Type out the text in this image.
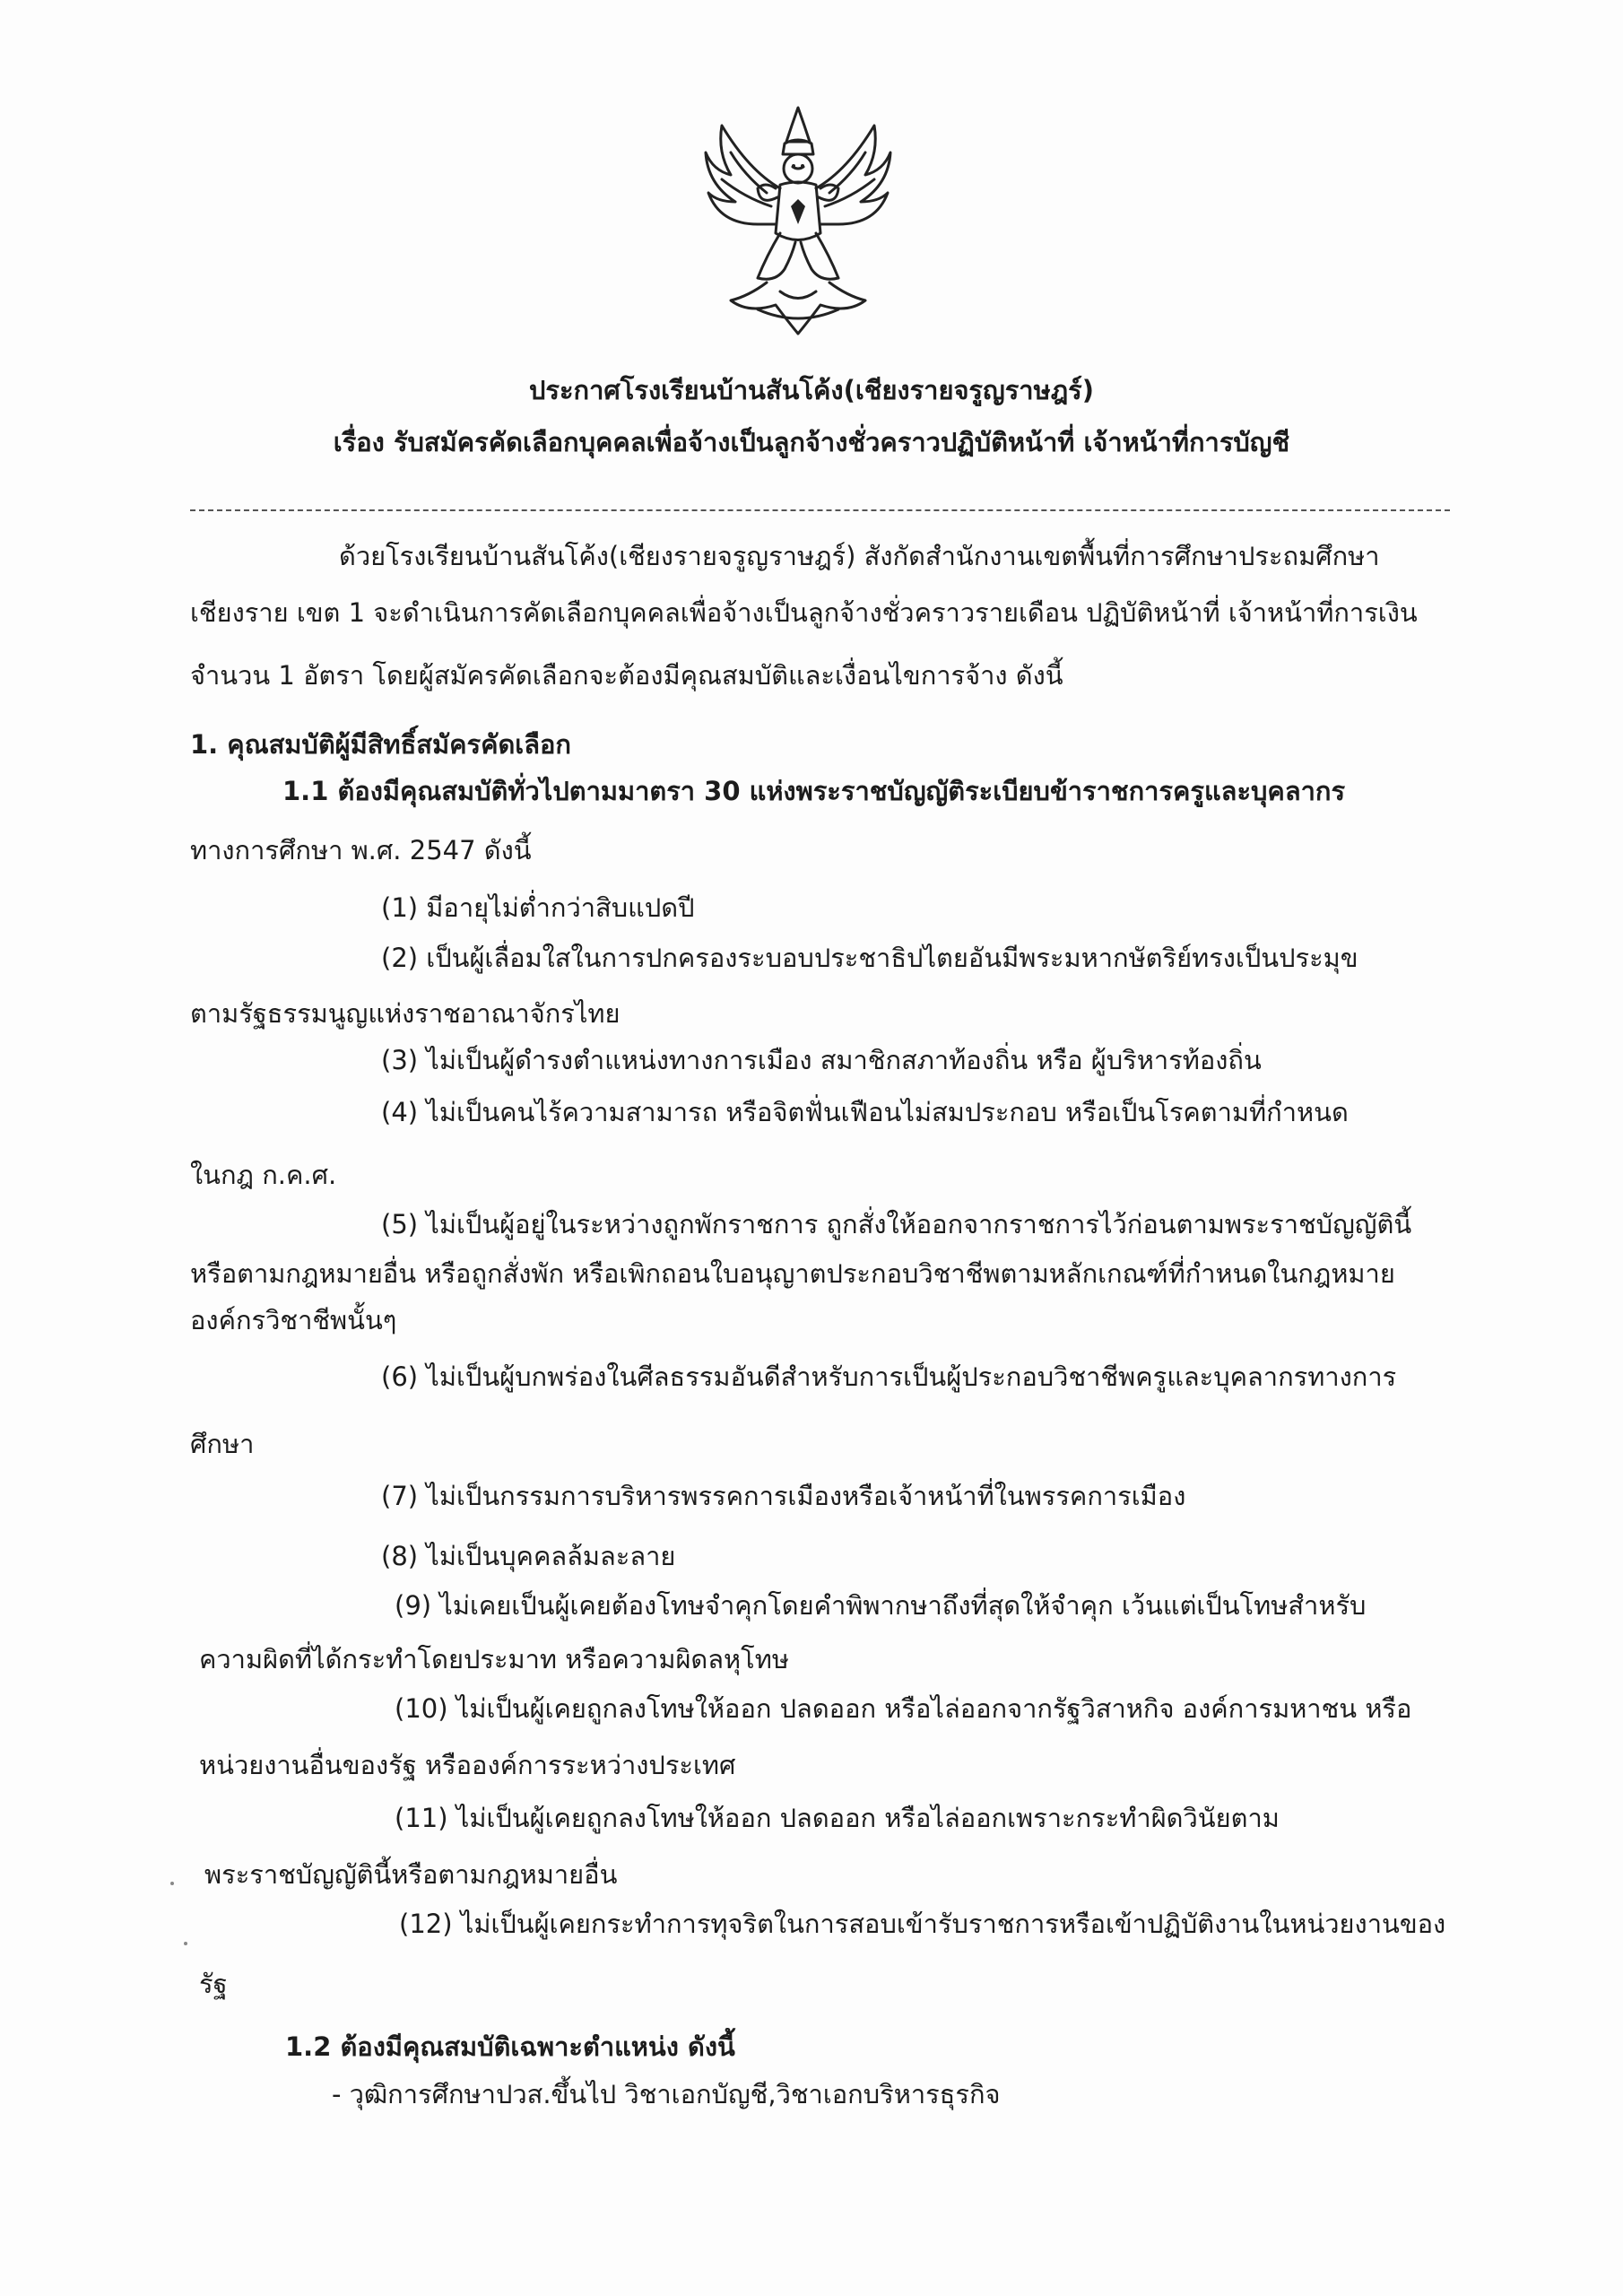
ประกาศโรงเรียนบ้านสันโค้ง(เชียงรายจรูญราษฎร์)
เรื่อง รับสมัครคัดเลือกบุคคลเพื่อจ้างเป็นลูกจ้างชั่วคราวปฏิบัติหน้าที่ เจ้าหน้าที่การบัญชี
ด้วยโรงเรียนบ้านสันโค้ง(เชียงรายจรูญราษฎร์) สังกัดสำนักงานเขตพื้นที่การศึกษาประถมศึกษา
เชียงราย เขต 1 จะดำเนินการคัดเลือกบุคคลเพื่อจ้างเป็นลูกจ้างชั่วคราวรายเดือน ปฏิบัติหน้าที่ เจ้าหน้าที่การเงิน
จำนวน 1 อัตรา โดยผู้สมัครคัดเลือกจะต้องมีคุณสมบัติและเงื่อนไขการจ้าง ดังนี้
1. คุณสมบัติผู้มีสิทธิ์สมัครคัดเลือก
1.1 ต้องมีคุณสมบัติทั่วไปตามมาตรา 30 แห่งพระราชบัญญัติระเบียบข้าราชการครูและบุคลากร
ทางการศึกษา พ.ศ. 2547 ดังนี้
(1) มีอายุไม่ต่ำกว่าสิบแปดปี
(2) เป็นผู้เลื่อมใสในการปกครองระบอบประชาธิปไตยอันมีพระมหากษัตริย์ทรงเป็นประมุข
ตามรัฐธรรมนูญแห่งราชอาณาจักรไทย
(3) ไม่เป็นผู้ดำรงตำแหน่งทางการเมือง สมาชิกสภาท้องถิ่น หรือ ผู้บริหารท้องถิ่น
(4) ไม่เป็นคนไร้ความสามารถ หรือจิตฟั่นเฟือนไม่สมประกอบ หรือเป็นโรคตามที่กำหนด
ในกฎ ก.ค.ศ.
(5) ไม่เป็นผู้อยู่ในระหว่างถูกพักราชการ ถูกสั่งให้ออกจากราชการไว้ก่อนตามพระราชบัญญัตินี้
หรือตามกฎหมายอื่น หรือถูกสั่งพัก หรือเพิกถอนใบอนุญาตประกอบวิชาชีพตามหลักเกณฑ์ที่กำหนดในกฎหมาย
องค์กรวิชาชีพนั้นๆ
(6) ไม่เป็นผู้บกพร่องในศีลธรรมอันดีสำหรับการเป็นผู้ประกอบวิชาชีพครูและบุคลากรทางการ
ศึกษา
(7) ไม่เป็นกรรมการบริหารพรรคการเมืองหรือเจ้าหน้าที่ในพรรคการเมือง
(8) ไม่เป็นบุคคลล้มละลาย
(9) ไม่เคยเป็นผู้เคยต้องโทษจำคุกโดยคำพิพากษาถึงที่สุดให้จำคุก เว้นแต่เป็นโทษสำหรับ
ความผิดที่ได้กระทำโดยประมาท หรือความผิดลหุโทษ
(10) ไม่เป็นผู้เคยถูกลงโทษให้ออก ปลดออก หรือไล่ออกจากรัฐวิสาหกิจ องค์การมหาชน หรือ
หน่วยงานอื่นของรัฐ หรือองค์การระหว่างประเทศ
(11) ไม่เป็นผู้เคยถูกลงโทษให้ออก ปลดออก หรือไล่ออกเพราะกระทำผิดวินัยตาม
พระราชบัญญัตินี้หรือตามกฎหมายอื่น
(12) ไม่เป็นผู้เคยกระทำการทุจริตในการสอบเข้ารับราชการหรือเข้าปฏิบัติงานในหน่วยงานของ
รัฐ
1.2 ต้องมีคุณสมบัติเฉพาะตำแหน่ง ดังนี้
- วุฒิการศึกษาปวส.ขึ้นไป วิชาเอกบัญชี,วิชาเอกบริหารธุรกิจ
